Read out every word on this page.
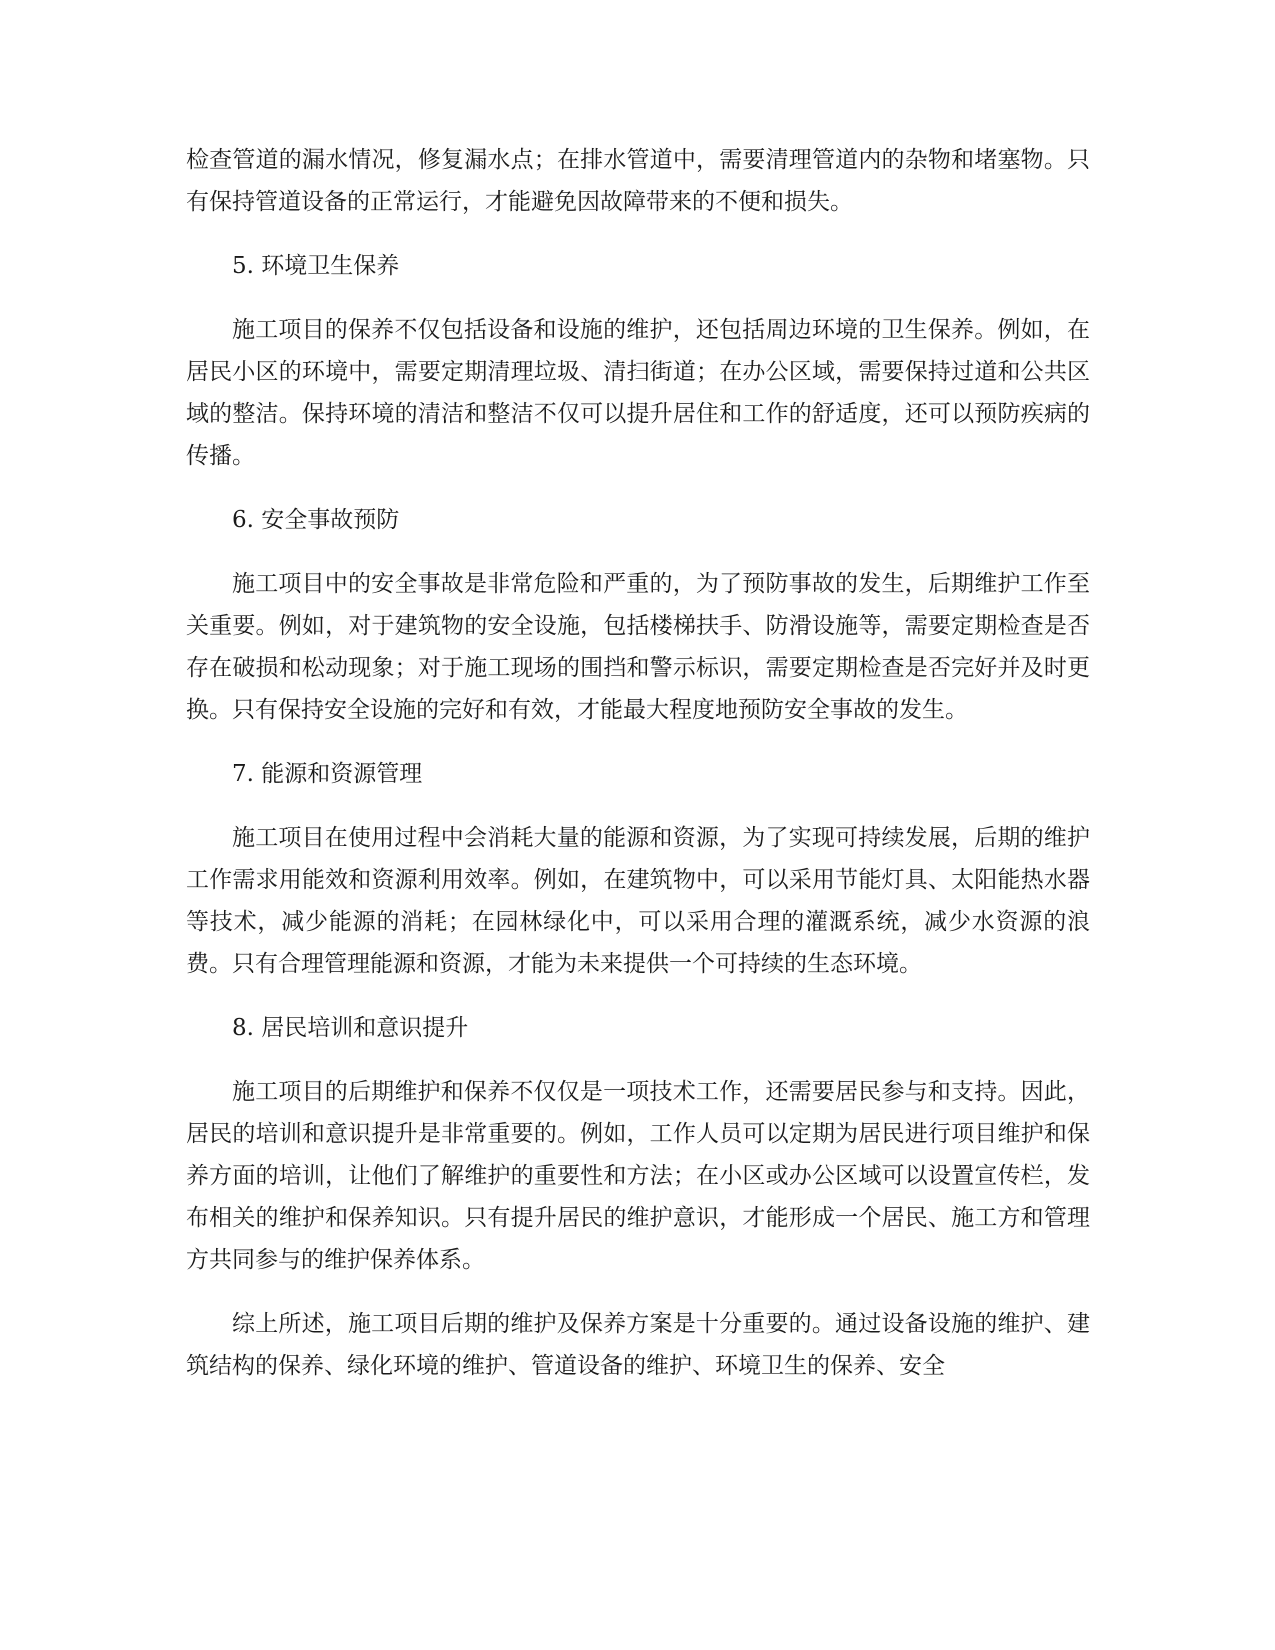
检查管道的漏水情况，修复漏水点；在排水管道中，需要清理管道内的杂物和堵塞物。只有保持管道设备的正常运行，才能避免因故障带来的不便和损失。

5. 环境卫生保养

施工项目的保养不仅包括设备和设施的维护，还包括周边环境的卫生保养。例如，在居民小区的环境中，需要定期清理垃圾、清扫街道；在办公区域，需要保持过道和公共区域的整洁。保持环境的清洁和整洁不仅可以提升居住和工作的舒适度，还可以预防疾病的传播。

6. 安全事故预防

施工项目中的安全事故是非常危险和严重的，为了预防事故的发生，后期维护工作至关重要。例如，对于建筑物的安全设施，包括楼梯扶手、防滑设施等，需要定期检查是否存在破损和松动现象；对于施工现场的围挡和警示标识，需要定期检查是否完好并及时更换。只有保持安全设施的完好和有效，才能最大程度地预防安全事故的发生。

7. 能源和资源管理

施工项目在使用过程中会消耗大量的能源和资源，为了实现可持续发展，后期的维护工作需求用能效和资源利用效率。例如，在建筑物中，可以采用节能灯具、太阳能热水器等技术，减少能源的消耗；在园林绿化中，可以采用合理的灌溉系统，减少水资源的浪费。只有合理管理能源和资源，才能为未来提供一个可持续的生态环境。

8. 居民培训和意识提升

施工项目的后期维护和保养不仅仅是一项技术工作，还需要居民参与和支持。因此，居民的培训和意识提升是非常重要的。例如，工作人员可以定期为居民进行项目维护和保养方面的培训，让他们了解维护的重要性和方法；在小区或办公区域可以设置宣传栏，发布相关的维护和保养知识。只有提升居民的维护意识，才能形成一个居民、施工方和管理方共同参与的维护保养体系。

综上所述，施工项目后期的维护及保养方案是十分重要的。通过设备设施的维护、建筑结构的保养、绿化环境的维护、管道设备的维护、环境卫生的保养、安全
